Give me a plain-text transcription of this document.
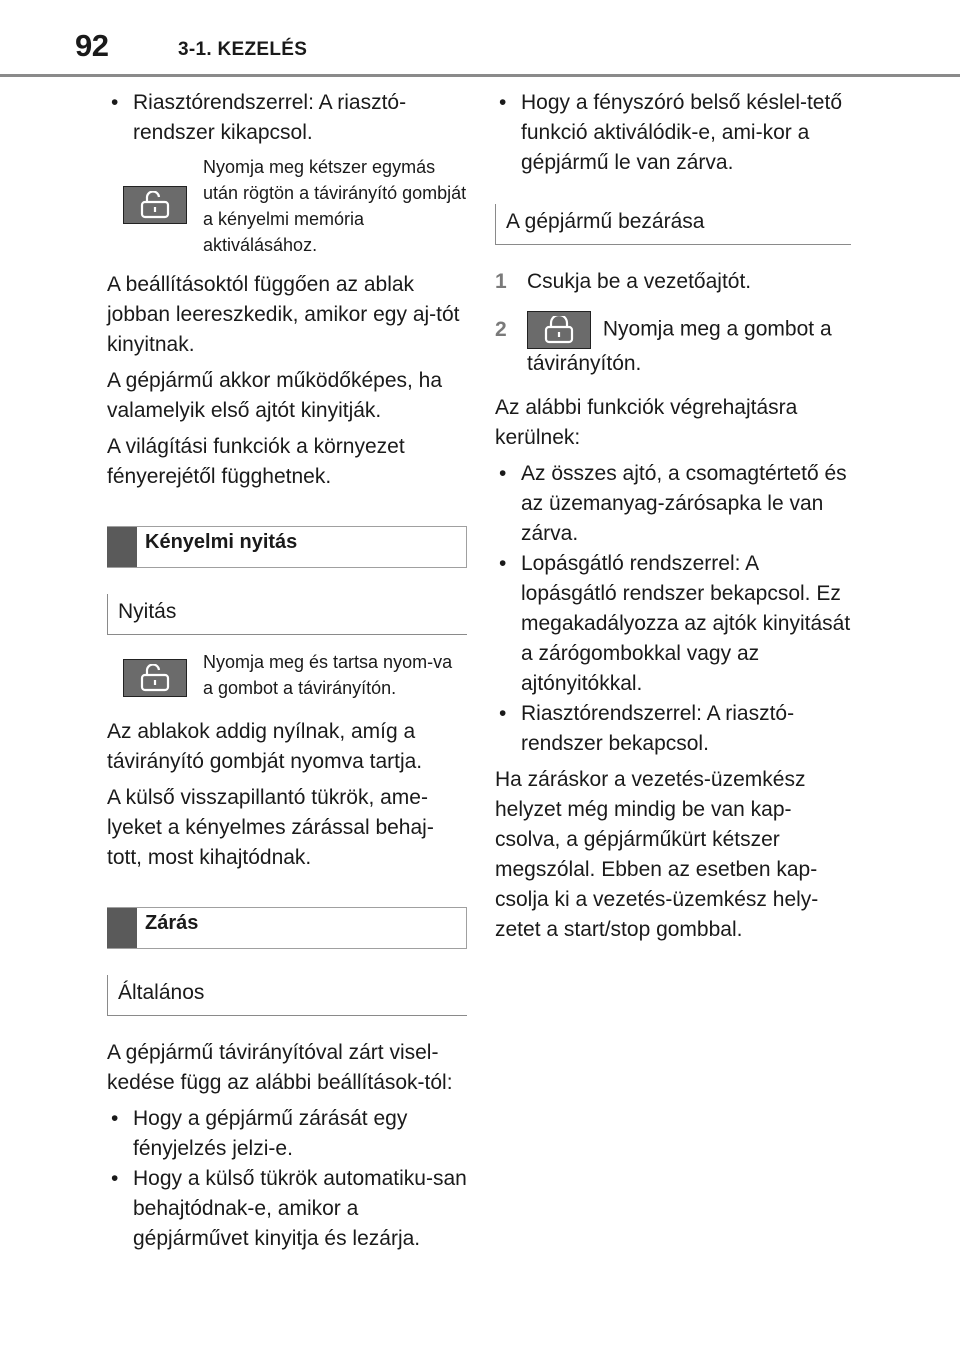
92	3-1. KEZELÉS
• Riasztórendszerrel: A riasztó-rendszer kikapcsol.
Nyomja meg kétszer egymás után rögtön a távirányító gombját a kényelmi memória aktiválásához.

A beállításoktól függően az ablak jobban leereszkedik, amikor egy aj-tót kinyitnak.

A gépjármű akkor működőképes, ha valamelyik első ajtót kinyitják.

A világítási funkciók a környezet fényerejétől függhetnek.

Kényelmi nyitás
Nyitás
Nyomja meg és tartsa nyom-va a gombot a távirányítón.

Az ablakok addig nyílnak, amíg a távirányító gombját nyomva tartja.

A külső visszapillantó tükrök, ame-lyeket a kényelmes zárással behaj-tott, most kihajtódnak.

Zárás
Általános

A gépjármű távirányítóval zárt visel-kedése függ az alábbi beállítások-tól:

• Hogy a gépjármű zárását egy fényjelzés jelzi-e.
• Hogy a külső tükrök automatiku-san behajtódnak-e, amikor a gépjárművet kinyitja és lezárja.
• Hogy a fényszóró belső késlel-tető funkció aktiválódik-e, ami-kor a gépjármű le van zárva.
A gépjármű bezárása
1 Csukja be a vezetőajtót.
2	Nyomja meg a gombot a
távirányítón.

Az alábbi funkciók végrehajtásra kerülnek:

• Az összes ajtó, a csomagtértető és az üzemanyag-zárósapka le van zárva.
• Lopásgátló rendszerrel: A lopásgátló rendszer bekapcsol. Ez megakadályozza az ajtók kinyitását a zárógombokkal vagy az ajtónyitókkal.
• Riasztórendszerrel: A riasztó-rendszer bekapcsol.

Ha záráskor a vezetés-üzemkész helyzet még mindig be van kap-csolva, a gépjárműkürt kétszer megszólal. Ebben az esetben kap-csolja ki a vezetés-üzemkész hely-zetet a start/stop gombbal.
